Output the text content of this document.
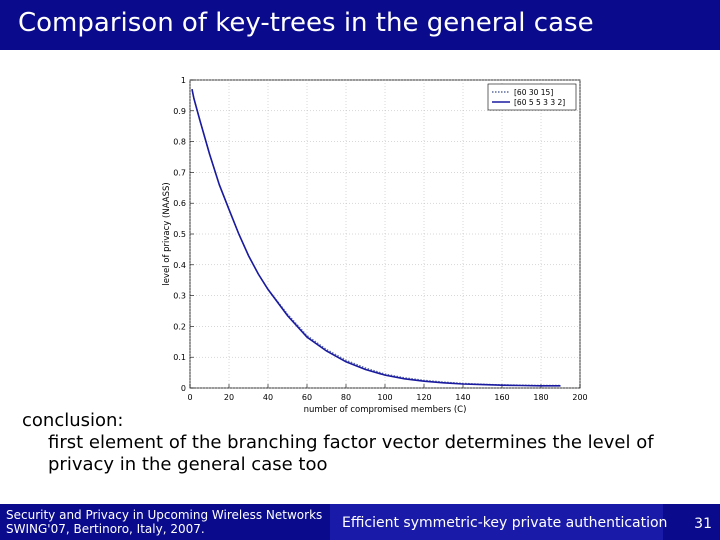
Comparison of key-trees in the general case
0	20	40	60	80	100	120	140	160	180	200
0
0.1
0.2
0.3
0.4
0.5
0.6
0.7
0.8
0.9
1
number of compromised members (C)
level of privacy (NAASS)
[60 30 15]
[60 5 5 3 3 2]
conclusion:
first element of the branching factor vector determines the level of
privacy in the general case too
Security and Privacy in Upcoming Wireless Networks
SWING'07, Bertinoro, Italy, 2007.	Efficient symmetric-key private authentication 31
